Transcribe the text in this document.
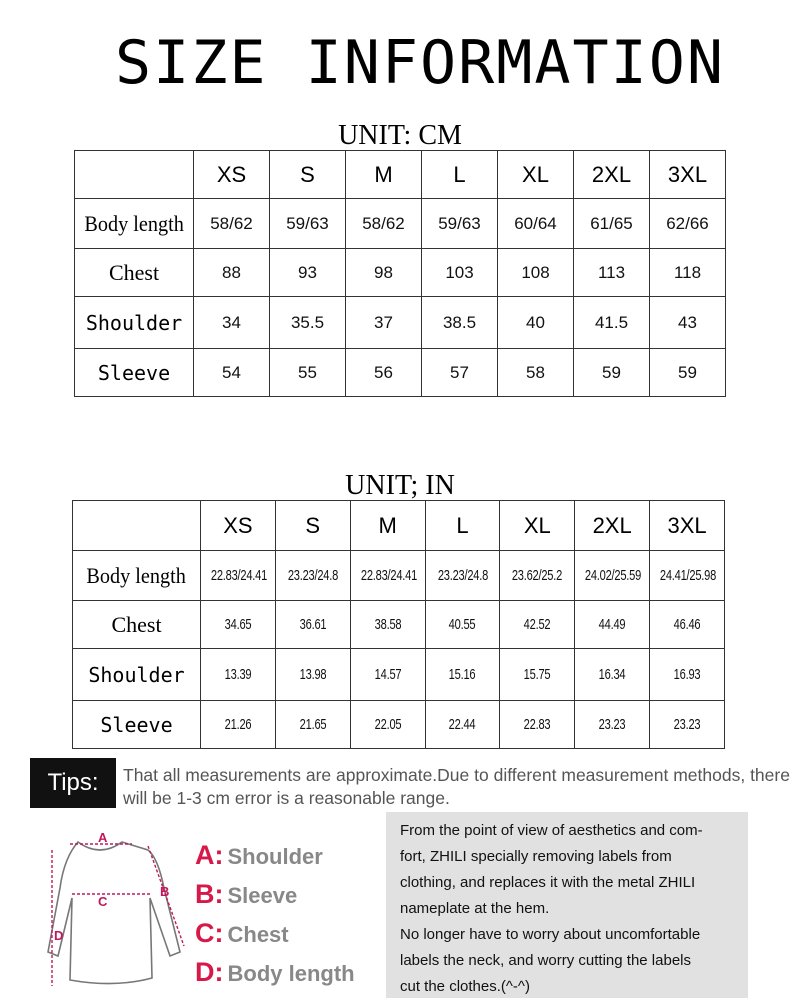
SIZE INFORMATION
UNIT: CM
	XS	S	M	L	XL	2XL	3XL
Body length	58/62	59/63	58/62	59/63	60/64	61/65	62/66
Chest	88	93	98	103	108	113	118
Shoulder	34	35.5	37	38.5	40	41.5	43
Sleeve	54	55	56	57	58	59	59
UNIT; IN
	XS	S	M	L	XL	2XL	3XL
Body length	22.83/24.41	23.23/24.8	22.83/24.41	23.23/24.8	23.62/25.2	24.02/25.59	24.41/25.98
Chest	34.65	36.61	38.58	40.55	42.52	44.49	46.46
Shoulder	13.39	13.98	14.57	15.16	15.75	16.34	16.93
Sleeve	21.26	21.65	22.05	22.44	22.83	23.23	23.23
Tips:	That all measurements are approximate.Due to different measurement methods, there will be 1-3 cm error is a reasonable range.
A
B
C
D
A: Shoulder
B: Sleeve
C: Chest
D: Body length
From the point of view of aesthetics and com-
fort, ZHILI specially removing labels from
clothing, and replaces it with the metal ZHILI
nameplate at the hem.
No longer have to worry about uncomfortable
labels the neck, and worry cutting the labels
cut the clothes.(^-^)
